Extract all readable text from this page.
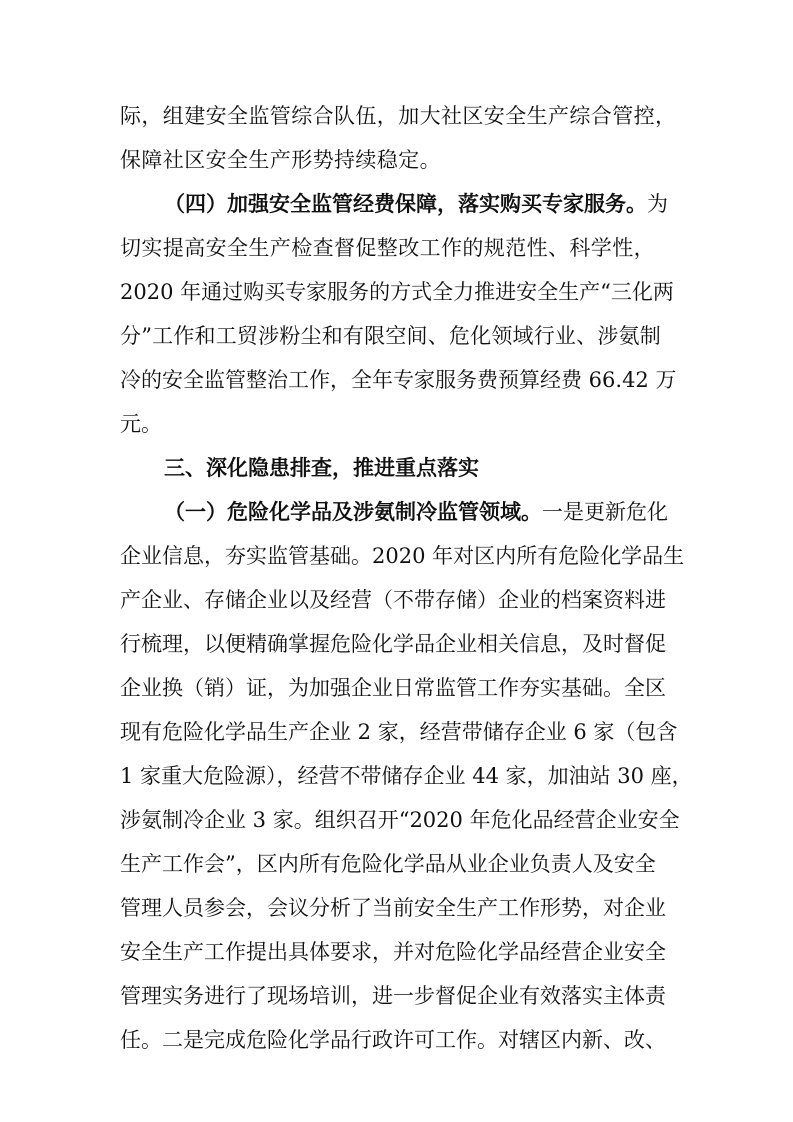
际，组建安全监管综合队伍，加大社区安全生产综合管控，
保障社区安全生产形势持续稳定。
（四）加强安全监管经费保障，落实购买专家服务。为
切实提高安全生产检查督促整改工作的规范性、科学性，
2020 年通过购买专家服务的方式全力推进安全生产“三化两
分”工作和工贸涉粉尘和有限空间、危化领域行业、涉氨制
冷的安全监管整治工作，全年专家服务费预算经费 66.42 万
元。
三、深化隐患排查，推进重点落实
（一）危险化学品及涉氨制冷监管领域。一是更新危化
企业信息，夯实监管基础。2020 年对区内所有危险化学品生
产企业、存储企业以及经营（不带存储）企业的档案资料进
行梳理，以便精确掌握危险化学品企业相关信息，及时督促
企业换（销）证，为加强企业日常监管工作夯实基础。全区
现有危险化学品生产企业 2 家，经营带储存企业 6 家（包含
1 家重大危险源），经营不带储存企业 44 家，加油站 30 座，
涉氨制冷企业 3 家。组织召开“2020 年危化品经营企业安全
生产工作会”，区内所有危险化学品从业企业负责人及安全
管理人员参会，会议分析了当前安全生产工作形势，对企业
安全生产工作提出具体要求，并对危险化学品经营企业安全
管理实务进行了现场培训，进一步督促企业有效落实主体责
任。二是完成危险化学品行政许可工作。对辖区内新、改、
